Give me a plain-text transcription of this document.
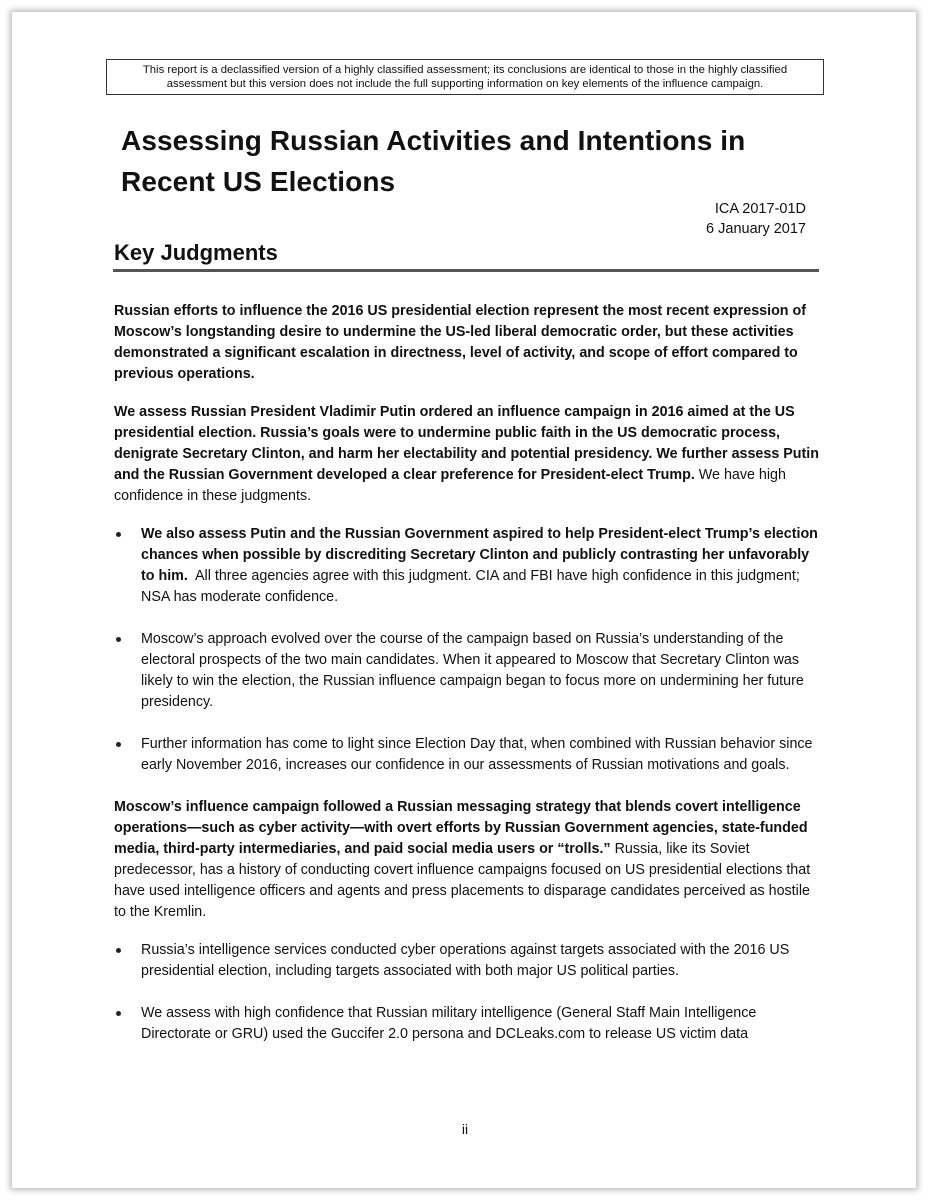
This report is a declassified version of a highly classified assessment; its conclusions are identical to those in the highly classified
assessment but this version does not include the full supporting information on key elements of the influence campaign.
Assessing Russian Activities and Intentions in
Recent US Elections
ICA 2017-01D
6 January 2017
Key Judgments

Russian efforts to influence the 2016 US presidential election represent the most recent expression of Moscow’s longstanding desire to undermine the US-led liberal democratic order, but these activities demonstrated a significant escalation in directness, level of activity, and scope of effort compared to previous operations.

We assess Russian President Vladimir Putin ordered an influence campaign in 2016 aimed at the US presidential election. Russia’s goals were to undermine public faith in the US democratic process, denigrate Secretary Clinton, and harm her electability and potential presidency. We further assess Putin and the Russian Government developed a clear preference for President-elect Trump. We have high confidence in these judgments.

We also assess Putin and the Russian Government aspired to help President-elect Trump’s election chances when possible by discrediting Secretary Clinton and publicly contrasting her unfavorably to him. All three agencies agree with this judgment. CIA and FBI have high confidence in this judgment; NSA has moderate confidence.
Moscow’s approach evolved over the course of the campaign based on Russia’s understanding of the electoral prospects of the two main candidates. When it appeared to Moscow that Secretary Clinton was likely to win the election, the Russian influence campaign began to focus more on undermining her future presidency.
Further information has come to light since Election Day that, when combined with Russian behavior since early November 2016, increases our confidence in our assessments of Russian motivations and goals.

Moscow’s influence campaign followed a Russian messaging strategy that blends covert intelligence operations—such as cyber activity—with overt efforts by Russian Government agencies, state-funded media, third-party intermediaries, and paid social media users or “trolls.” Russia, like its Soviet predecessor, has a history of conducting covert influence campaigns focused on US presidential elections that have used intelligence officers and agents and press placements to disparage candidates perceived as hostile to the Kremlin.

Russia’s intelligence services conducted cyber operations against targets associated with the 2016 US presidential election, including targets associated with both major US political parties.
We assess with high confidence that Russian military intelligence (General Staff Main Intelligence Directorate or GRU) used the Guccifer 2.0 persona and DCLeaks.com to release US victim data
ii
